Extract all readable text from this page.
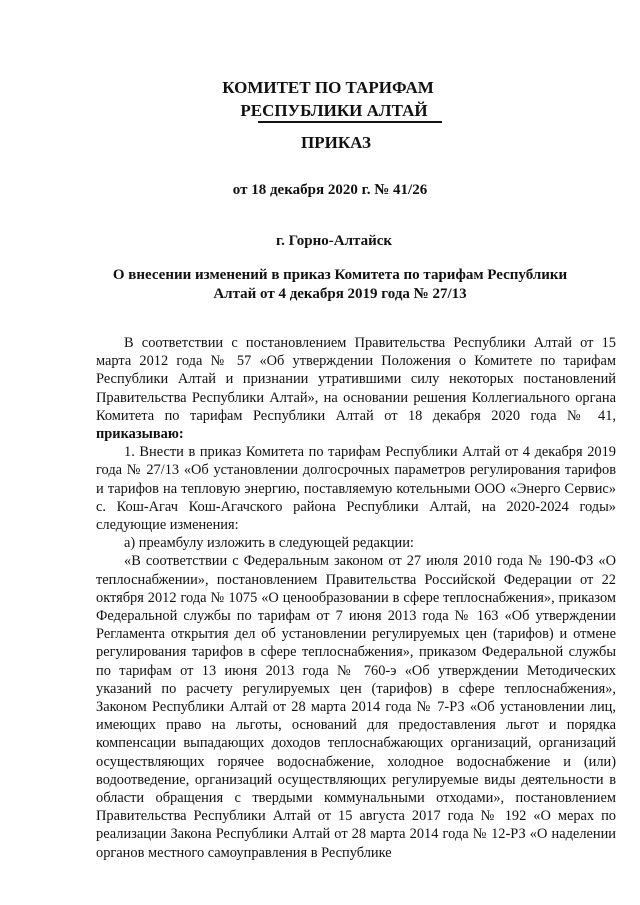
КОМИТЕТ ПО ТАРИФАМ
РЕСПУБЛИКИ АЛТАЙ
ПРИКАЗ
от 18 декабря 2020 г. № 41/26
г. Горно-Алтайск
О внесении изменений в приказ Комитета по тарифам Республики
Алтай от 4 декабря 2019 года № 27/13

В соответствии с постановлением Правительства Республики Алтай от 15 марта 2012 года № 57 «Об утверждении Положения о Комитете по тарифам Республики Алтай и признании утратившими силу некоторых постановлений Правительства Республики Алтай», на основании решения Коллегиального органа Комитета по тарифам Республики Алтай от 18 декабря 2020 года № 41, приказываю:

1. Внести в приказ Комитета по тарифам Республики Алтай от 4 декабря 2019 года № 27/13 «Об установлении долгосрочных параметров регулирования тарифов и тарифов на тепловую энергию, поставляемую котельными ООО «Энерго Сервис» с. Кош-Агач Кош-Агачского района Республики Алтай, на 2020-2024 годы» следующие изменения:

а) преамбулу изложить в следующей редакции:

«В соответствии с Федеральным законом от 27 июля 2010 года № 190-ФЗ «О теплоснабжении», постановлением Правительства Российской Федерации от 22 октября 2012 года № 1075 «О ценообразовании в сфере теплоснабжения», приказом Федеральной службы по тарифам от 7 июня 2013 года № 163 «Об утверждении Регламента открытия дел об установлении регулируемых цен (тарифов) и отмене регулирования тарифов в сфере теплоснабжения», приказом Федеральной службы по тарифам от 13 июня 2013 года № 760-э «Об утверждении Методических указаний по расчету регулируемых цен (тарифов) в сфере теплоснабжения», Законом Республики Алтай от 28 марта 2014 года № 7-РЗ «Об установлении лиц, имеющих право на льготы, оснований для предоставления льгот и порядка компенсации выпадающих доходов теплоснабжающих организаций, организаций осуществляющих горячее водоснабжение, холодное водоснабжение и (или) водоотведение, организаций осуществляющих регулируемые виды деятельности в области обращения с твердыми коммунальными отходами», постановлением Правительства Республики Алтай от 15 августа 2017 года № 192 «О мерах по реализации Закона Республики Алтай от 28 марта 2014 года № 12-РЗ «О наделении органов местного самоуправления в Республике
